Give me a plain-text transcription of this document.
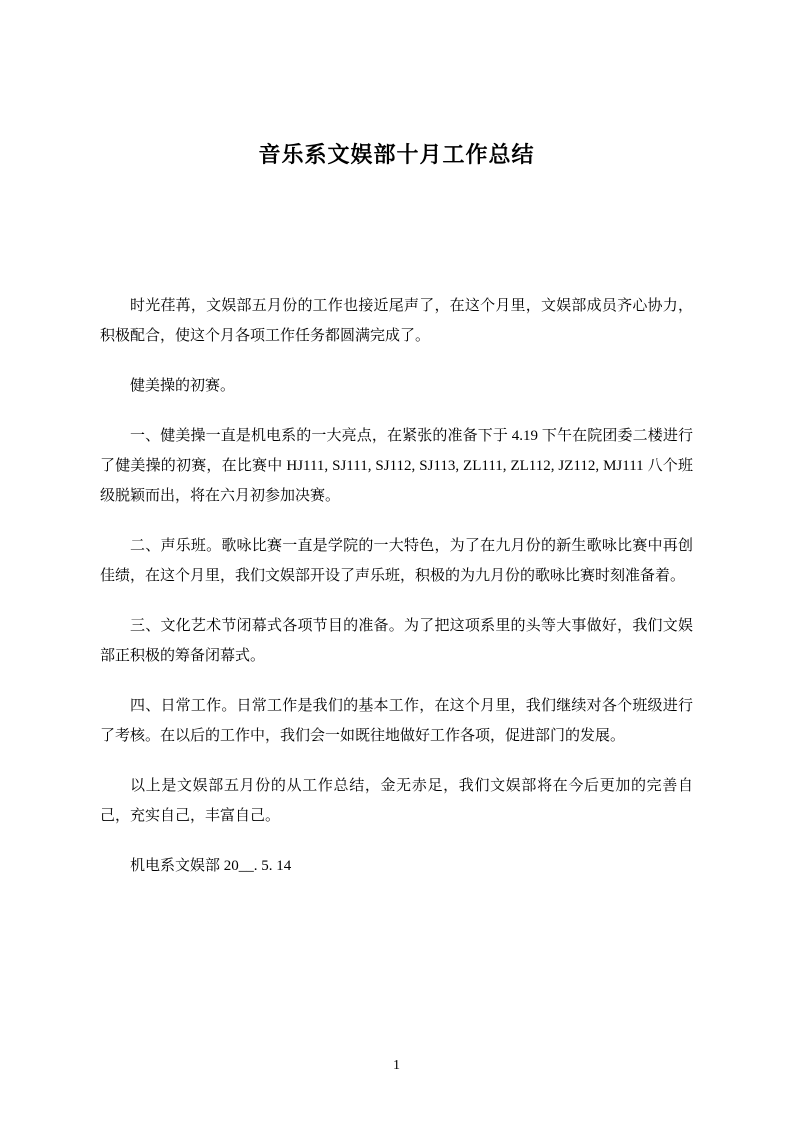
音乐系文娱部十月工作总结

时光荏苒，文娱部五月份的工作也接近尾声了，在这个月里，文娱部成员齐心协力，积极配合，使这个月各项工作任务都圆满完成了。

健美操的初赛。

一、健美操一直是机电系的一大亮点，在紧张的准备下于 4.19 下午在院团委二楼进行了健美操的初赛，在比赛中 HJ111, SJ111, SJ112, SJ113, ZL111, ZL112, JZ112, MJ111 八个班级脱颖而出，将在六月初参加决赛。

二、声乐班。歌咏比赛一直是学院的一大特色，为了在九月份的新生歌咏比赛中再创佳绩，在这个月里，我们文娱部开设了声乐班，积极的为九月份的歌咏比赛时刻准备着。

三、文化艺术节闭幕式各项节目的准备。为了把这项系里的头等大事做好，我们文娱部正积极的筹备闭幕式。

四、日常工作。日常工作是我们的基本工作，在这个月里，我们继续对各个班级进行了考核。在以后的工作中，我们会一如既往地做好工作各项，促进部门的发展。

以上是文娱部五月份的从工作总结，金无赤足，我们文娱部将在今后更加的完善自己，充实自己，丰富自己。

机电系文娱部 20__. 5. 14

1
